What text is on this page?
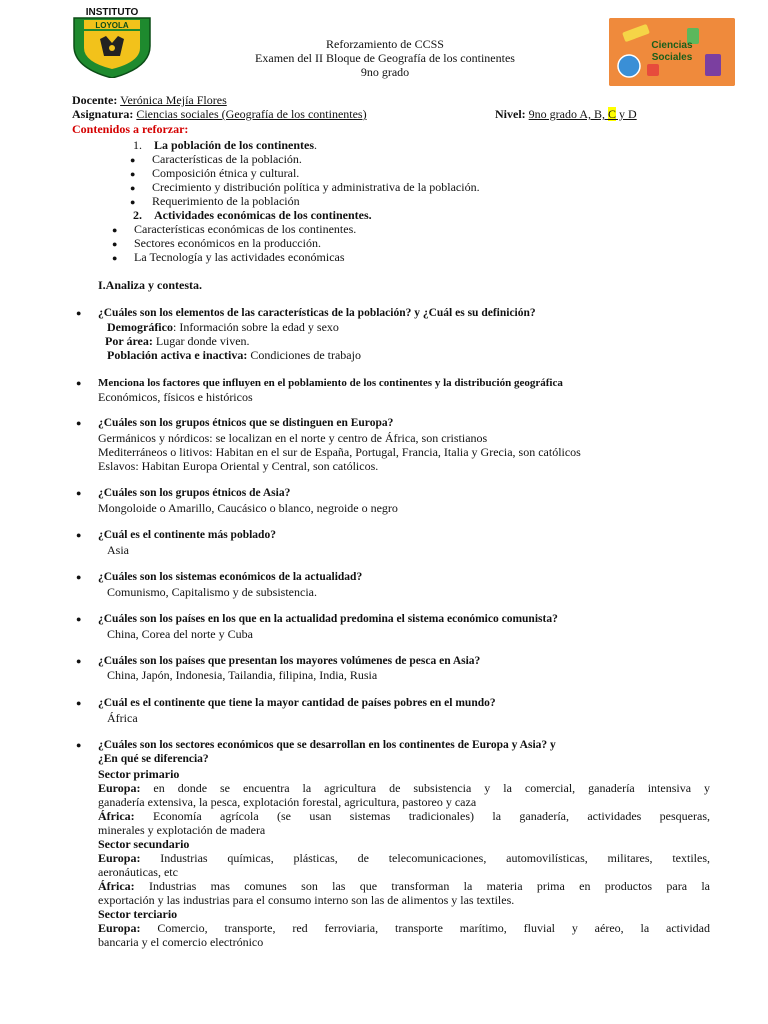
INSTITUTO
LOYOLA
Reforzamiento de CCSS
Examen del II Bloque de Geografía de los continentes
9no grado
Ciencias
Sociales
Docente: Verónica Mejía Flores
Asignatura: Ciencias sociales (Geografía de los continentes)	Nivel: 9no grado A, B, C y D
Contenidos a reforzar:
1. La población de los continentes.
● Características de la población.
● Composición étnica y cultural.
● Crecimiento y distribución política y administrativa de la población.
● Requerimiento de la población
2. Actividades económicas de los continentes.
● Características económicas de los continentes.
● Sectores económicos en la producción.
● La Tecnología y las actividades económicas
I.Analiza y contesta.
● ¿Cuáles son los elementos de las características de la población? y ¿Cuál es su definición?
Demográfico: Información sobre la edad y sexo
Por área: Lugar donde viven.
Población activa e inactiva: Condiciones de trabajo
● Menciona los factores que influyen en el poblamiento de los continentes y la distribución geográfica
Económicos, físicos e históricos
● ¿Cuáles son los grupos étnicos que se distinguen en Europa?
Germánicos y nórdicos: se localizan en el norte y centro de África, son cristianos
Mediterráneos o litivos: Habitan en el sur de España, Portugal, Francia, Italia y Grecia, son católicos
Eslavos: Habitan Europa Oriental y Central, son católicos.
● ¿Cuáles son los grupos étnicos de Asia?
Mongoloide o Amarillo, Caucásico o blanco, negroide o negro
● ¿Cuál es el continente más poblado?
Asia
● ¿Cuáles son los sistemas económicos de la actualidad?
Comunismo, Capitalismo y de subsistencia.
● ¿Cuáles son los países en los que en la actualidad predomina el sistema económico comunista?
China, Corea del norte y Cuba
● ¿Cuáles son los países que presentan los mayores volúmenes de pesca en Asia?
China, Japón, Indonesia, Tailandia, filipina, India, Rusia
● ¿Cuál es el continente que tiene la mayor cantidad de países pobres en el mundo?
África
● ¿Cuáles son los sectores económicos que se desarrollan en los continentes de Europa y Asia? y
¿En qué se diferencia?
Sector primario
Europa: en donde se encuentra la agricultura de subsistencia y la comercial, ganadería intensiva y
ganadería extensiva, la pesca, explotación forestal, agricultura, pastoreo y caza
África: Economía agrícola (se usan sistemas tradicionales) la ganadería, actividades pesqueras,
minerales y explotación de madera
Sector secundario
Europa: Industrias químicas, plásticas, de telecomunicaciones, automovilísticas, militares, textiles,
aeronáuticas, etc
África: Industrias mas comunes son las que transforman la materia prima en productos para la
exportación y las industrias para el consumo interno son las de alimentos y las textiles.
Sector terciario
Europa: Comercio, transporte, red ferroviaria, transporte marítimo, fluvial y aéreo, la actividad
bancaria y el comercio electrónico
